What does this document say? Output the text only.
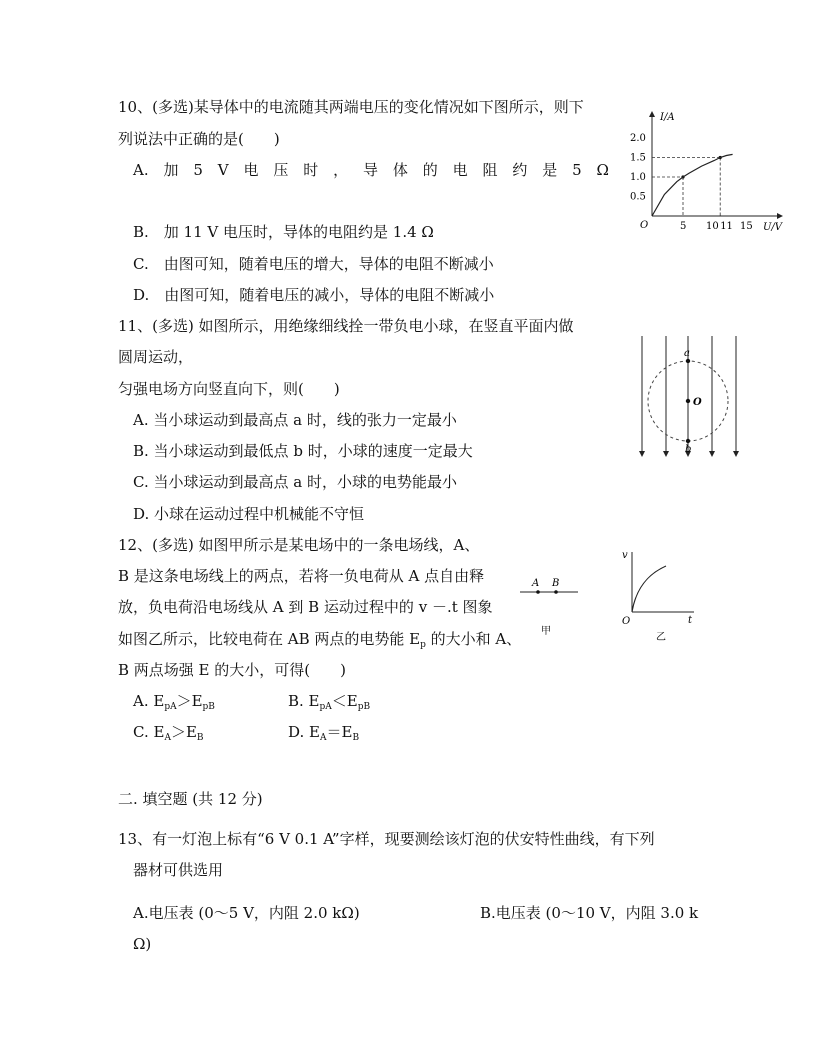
10、(多选)某导体中的电流随其两端电压的变化情况如下图所示，则下
列说法中正确的是(　　)
A. 加 5 V 电 压 时 ， 导 体 的 电 阻 约 是 5 Ω
B.　加 11 V 电压时，导体的电阻约是 1.4 Ω
C.　由图可知，随着电压的增大，导体的电阻不断减小
D.　由图可知，随着电压的减小，导体的电阻不断减小
2.0
1.5
1.0
0.5
5 10 11 15
I/A
U/V
O
11、(多选) 如图所示，用绝缘细线拴一带负电小球，在竖直平面内做
圆周运动，
匀强电场方向竖直向下，则(　　)
A. 当小球运动到最高点 a 时，线的张力一定最小
B. 当小球运动到最低点 b 时，小球的速度一定最大
C. 当小球运动到最高点 a 时，小球的电势能最小
D. 小球在运动过程中机械能不守恒
a
O
b
12、(多选) 如图甲所示是某电场中的一条电场线，A、
B 是这条电场线上的两点，若将一负电荷从 A 点自由释
放，负电荷沿电场线从 A 到 B 运动过程中的 v －.t 图象
如图乙所示，比较电荷在 AB 两点的电势能 $E_p$ 的大小和 A、
B 两点场强 E 的大小，可得(　　)
A. $E_{pA}>E_{pB}$	B. $E_{pA}<E_{pB}$
C. $E_A>E_B$	D. $E_A=E_B$
A B
甲
v
t
O
乙
二. 填空题 (共 12 分)
13、有一灯泡上标有“6 V 0.1 A”字样，现要测绘该灯泡的伏安特性曲线，有下列
器材可供选用
A.电压表 (0～5 V，内阻 2.0 kΩ)	B.电压表 (0～10 V，内阻 3.0 k
Ω)
